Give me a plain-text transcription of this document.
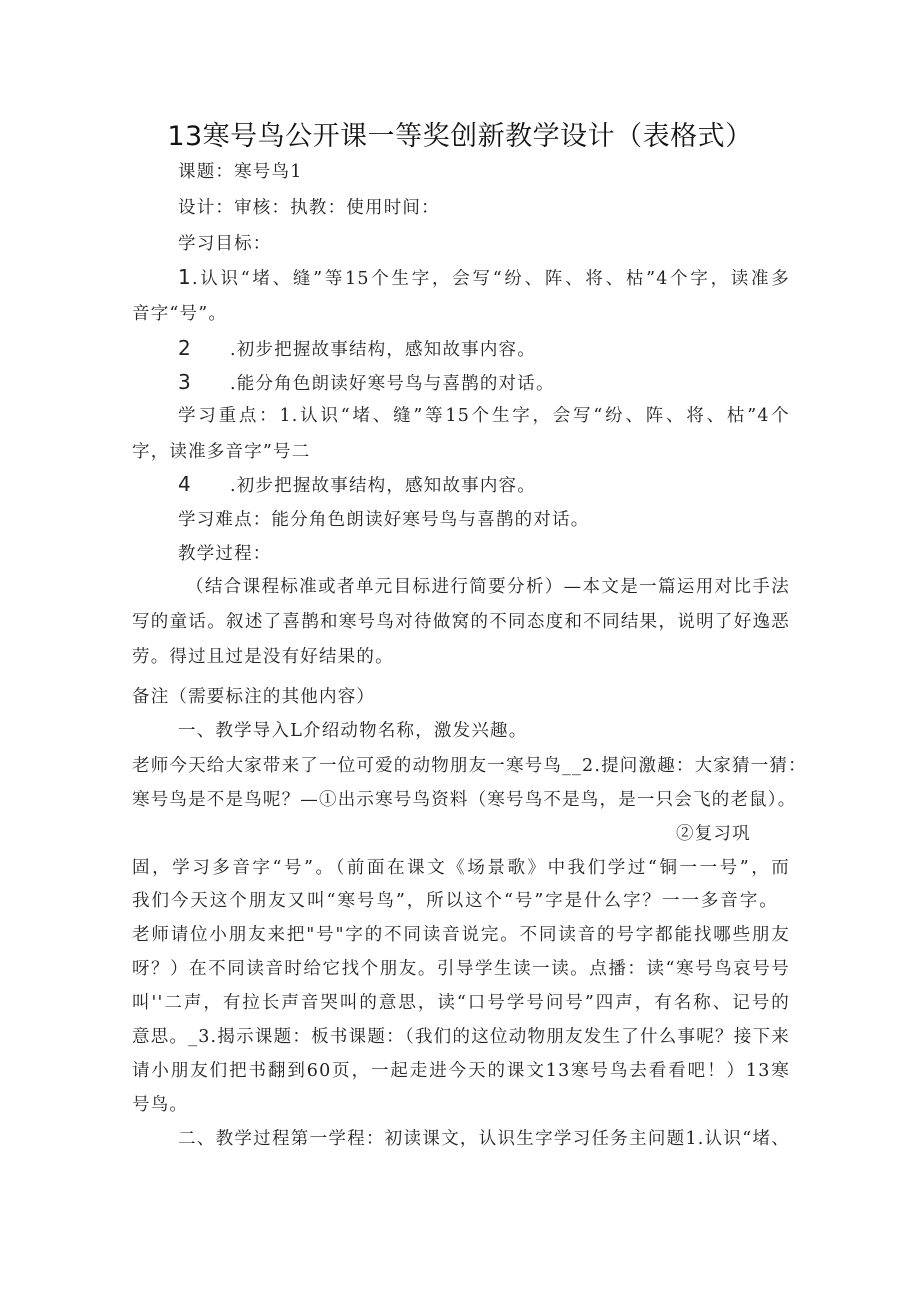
13寒号鸟公开课一等奖创新教学设计（表格式）
课题：寒号鸟1
设计：审核：执教：使用时间：
学习目标：
1.认识“堵、缝”等15个生字，会写“纷、阵、将、枯”4个字，读准多
音字“号”。
2 .初步把握故事结构，感知故事内容。
3 .能分角色朗读好寒号鸟与喜鹊的对话。
学习重点：1.认识“堵、缝”等15个生字，会写“纷、阵、将、枯”4个
字，读准多音字”号二
4 .初步把握故事结构，感知故事内容。
学习难点：能分角色朗读好寒号鸟与喜鹊的对话。
教学过程：
（结合课程标准或者单元目标进行简要分析）—本文是一篇运用对比手法
写的童话。叙述了喜鹊和寒号鸟对待做窝的不同态度和不同结果，说明了好逸恶
劳。得过且过是没有好结果的。
备注（需要标注的其他内容）
一、教学导入L介绍动物名称，激发兴趣。
老师今天给大家带来了一位可爱的动物朋友一寒号鸟__2.提问激趣：大家猜一猜：
寒号鸟是不是鸟呢？—①出示寒号鸟资料（寒号鸟不是鸟，是一只会飞的老鼠）。
②复习巩
固，学习多音字“号”。（前面在课文《场景歌》中我们学过“铜一一号”，而
我们今天这个朋友又叫“寒号鸟”，所以这个“号”字是什么字？一一多音字。
老师请位小朋友来把"号"字的不同读音说完。不同读音的号字都能找哪些朋友
呀？）在不同读音时给它找个朋友。引导学生读一读。点播：读“寒号鸟哀号号
叫''二声，有拉长声音哭叫的意思，读“口号学号问号”四声，有名称、记号的
意思。_3.揭示课题：板书课题：（我们的这位动物朋友发生了什么事呢？接下来
请小朋友们把书翻到60页，一起走进今天的课文13寒号鸟去看看吧！）13寒
号鸟。
二、教学过程第一学程：初读课文，认识生字学习任务主问题1.认识“堵、
